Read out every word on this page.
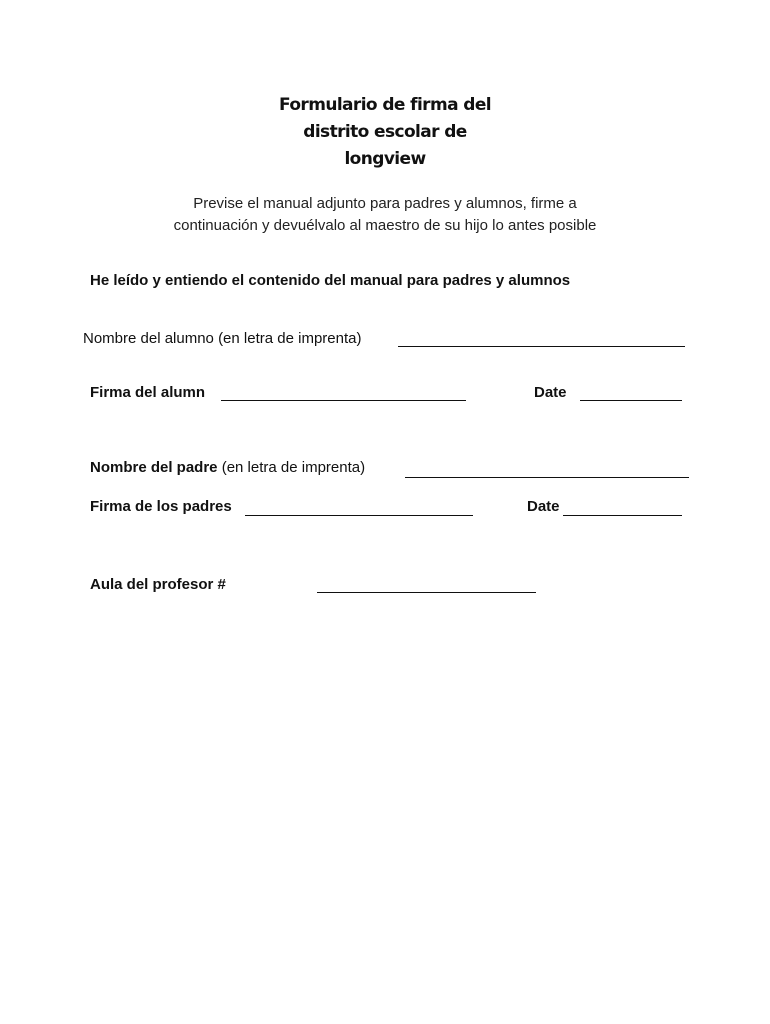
Formulario de firma del
distrito escolar de
longview
Previse el manual adjunto para padres y alumnos, firme a
continuación y devuélvalo al maestro de su hijo lo antes posible
He leído y entiendo el contenido del manual para padres y alumnos
Nombre del alumno (en letra de imprenta)
Firma del alumn	Date
Nombre del padre (en letra de imprenta)
Firma de los padres	Date
Aula del profesor #
